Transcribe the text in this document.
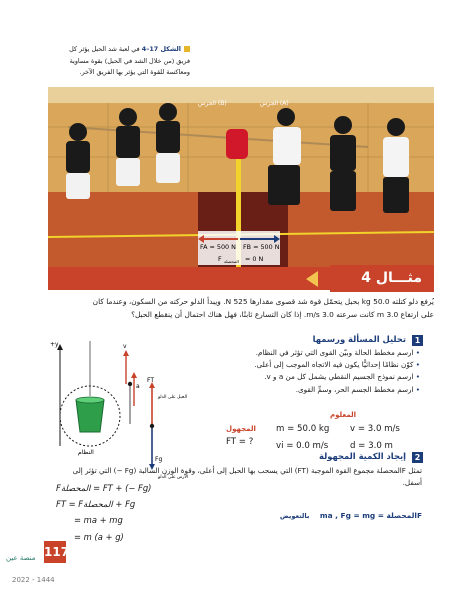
الشكل 17–4 في لعبة شد الحبل يؤثر كل
فريق (من خلال الشد في الحبل) بقوة مساوية
ومعاكسة للقوة التي يؤثر بها الفريق الآخر.
الجرس (B)	الجرس (A)
FA = 500 N FB = 500 N
F المحصلة = 0 N
مثـــال 4
يُرفع دلو كتلته 50.0 kg بحبل يتحمّل قوة شد قصوى مقدارها 525 N. ويبدأ الدلو حركته من السكون، وعندما كان
على ارتفاع 3.0 m كانت سرعته 3.0 m/s. إذا كان التسارع ثابتًا، فهل هناك احتمال أن ينقطع الحبل؟
1
تحليل المسألة ورسمها
• ارسم مخطط الحالة وبيّن القوى التي تؤثر في النظام.
• كوّن نظامًا إحداثيًّا يكون فيه الاتجاه الموجب إلى أعلى.
• ارسم نموذج الجسيم النقطي يشمل كل من a و v.
• ارسم مخطط الجسم الحر، وسمِّ القوى.
المعلوم
المجهول
FT = ?
m = 50.0 kg v = 3.0 m/s
vi = 0.0 m/s	d = 3.0 m
+y
النظام
v
a
FT
Fg
الحبل على الدلو
الأرض على الدلو
2
إيجاد الكمية المجهولة
تمثل Fالمحصلة مجموع القوة الموجبة (FT) التي يسحب بها الحبل إلى أعلى، وقوة الوزن السالبة (Fg −) التي تؤثر إلى أسفل.
Fالمحصلة = FT + (− Fg)
FT = Fالمحصلة + Fg
= ma + mg
= m (a + g)
Fالمحصلة = ma , Fg = mg بالتعويض
117
منصة عين
2022 - 1444
